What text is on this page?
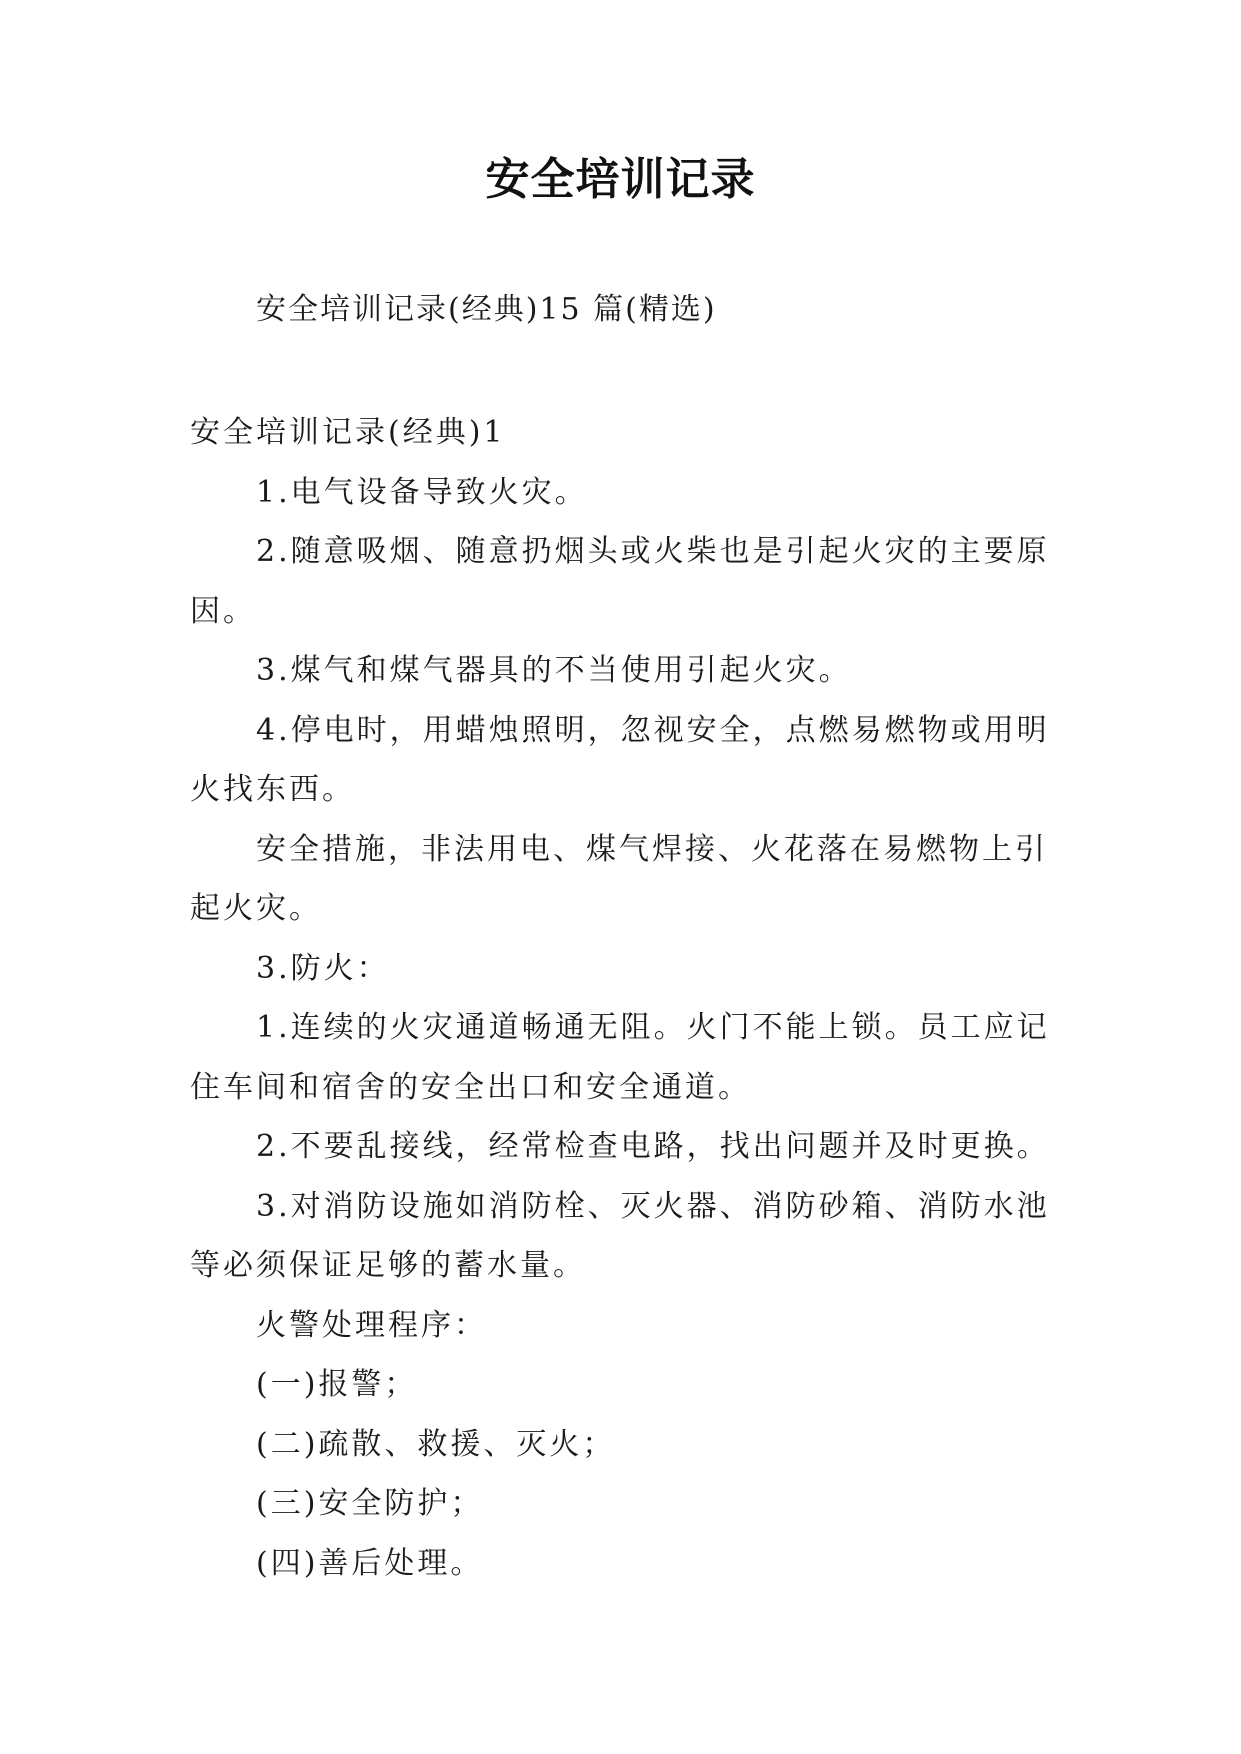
安全培训记录
安全培训记录(经典)15 篇(精选)

安全培训记录(经典)1

1.电气设备导致火灾。

2.随意吸烟、随意扔烟头或火柴也是引起火灾的主要原因。

3.煤气和煤气器具的不当使用引起火灾。

4.停电时，用蜡烛照明，忽视安全，点燃易燃物或用明火找东西。

安全措施，非法用电、煤气焊接、火花落在易燃物上引起火灾。

3.防火：

1.连续的火灾通道畅通无阻。火门不能上锁。员工应记住车间和宿舍的安全出口和安全通道。

2.不要乱接线，经常检查电路，找出问题并及时更换。

3.对消防设施如消防栓、灭火器、消防砂箱、消防水池等必须保证足够的蓄水量。

火警处理程序：

(一)报警；

(二)疏散、救援、灭火；

(三)安全防护；

(四)善后处理。
